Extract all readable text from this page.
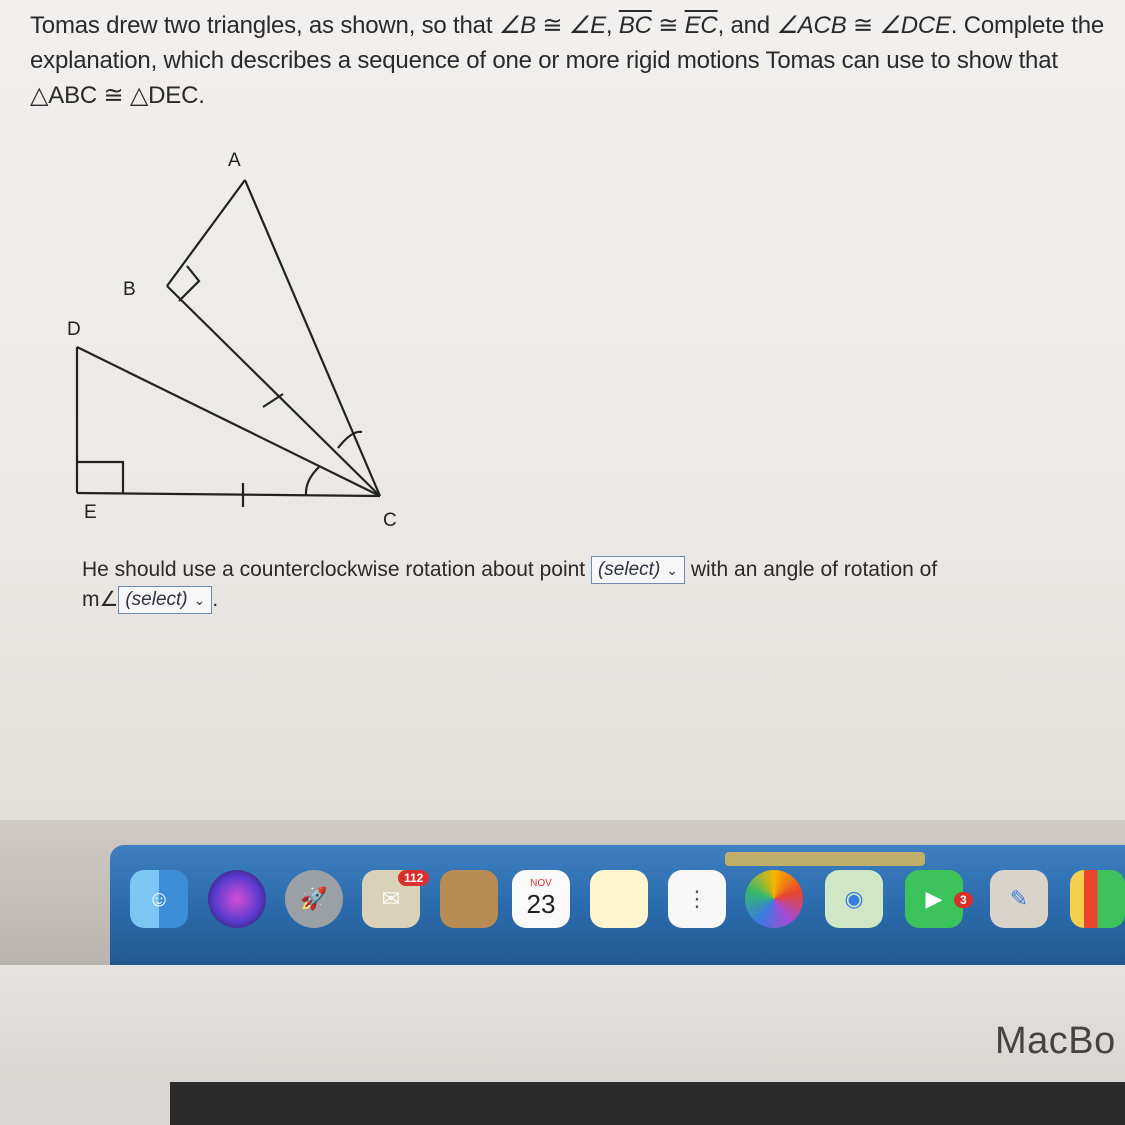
Tomas drew two triangles, as shown, so that ∠B ≅ ∠E, $\overline{BC}$ ≅ $\overline{EC}$, and ∠ACB ≅ ∠DCE. Complete the explanation, which describes a sequence of one or more rigid motions Tomas can use to show that △ABC ≅ △DEC.
A
B
D
E	C
He should use a counterclockwise rotation about point (select) ⌄ with an angle of rotation of
m∠ (select) ⌄ .
☺	🚀	✉
112	NOV
23	⋮	◉	▶	3	✎
MacBo
